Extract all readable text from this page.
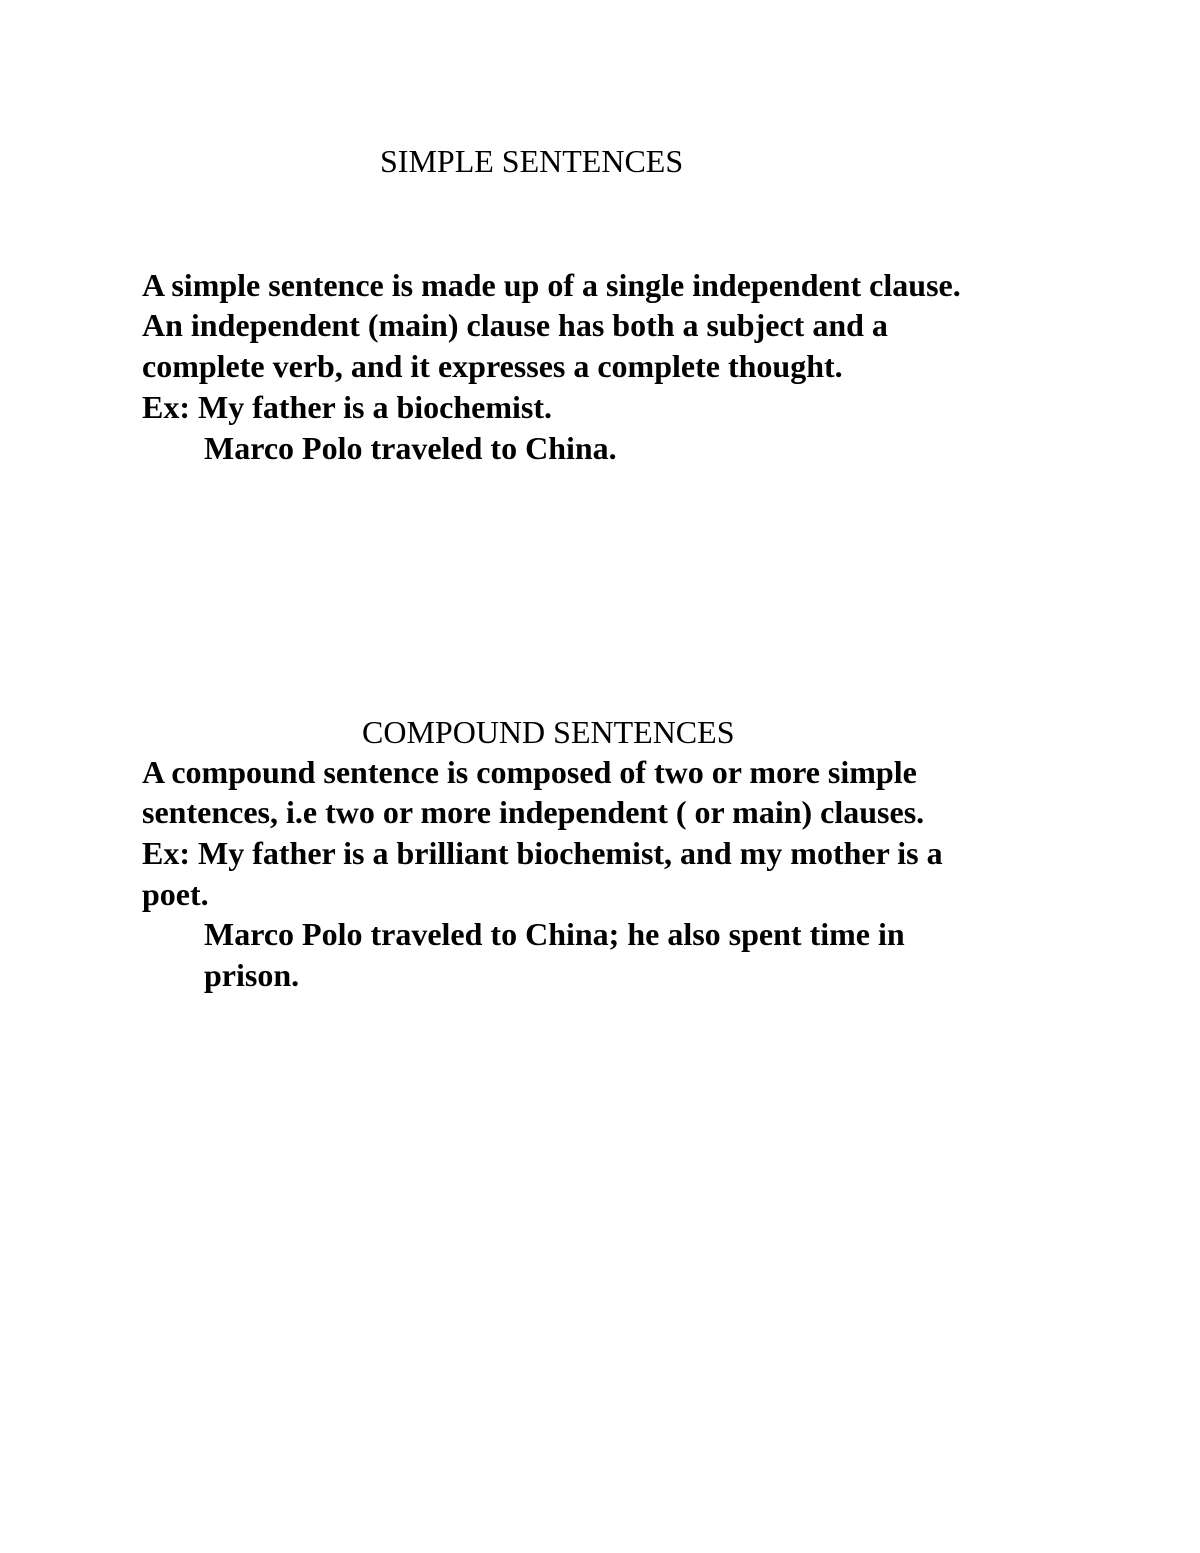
SIMPLE SENTENCES

A simple sentence is made up of a single independent clause.

An independent (main) clause has both a subject and a

complete verb, and it expresses a complete thought.

Ex: My father is a biochemist.

Marco Polo traveled to China.

COMPOUND SENTENCES

A compound sentence is composed of two or more simple

sentences, i.e two or more independent ( or main) clauses.

Ex: My father is a brilliant biochemist, and my mother is a

poet.

Marco Polo traveled to China; he also spent time in

prison.
